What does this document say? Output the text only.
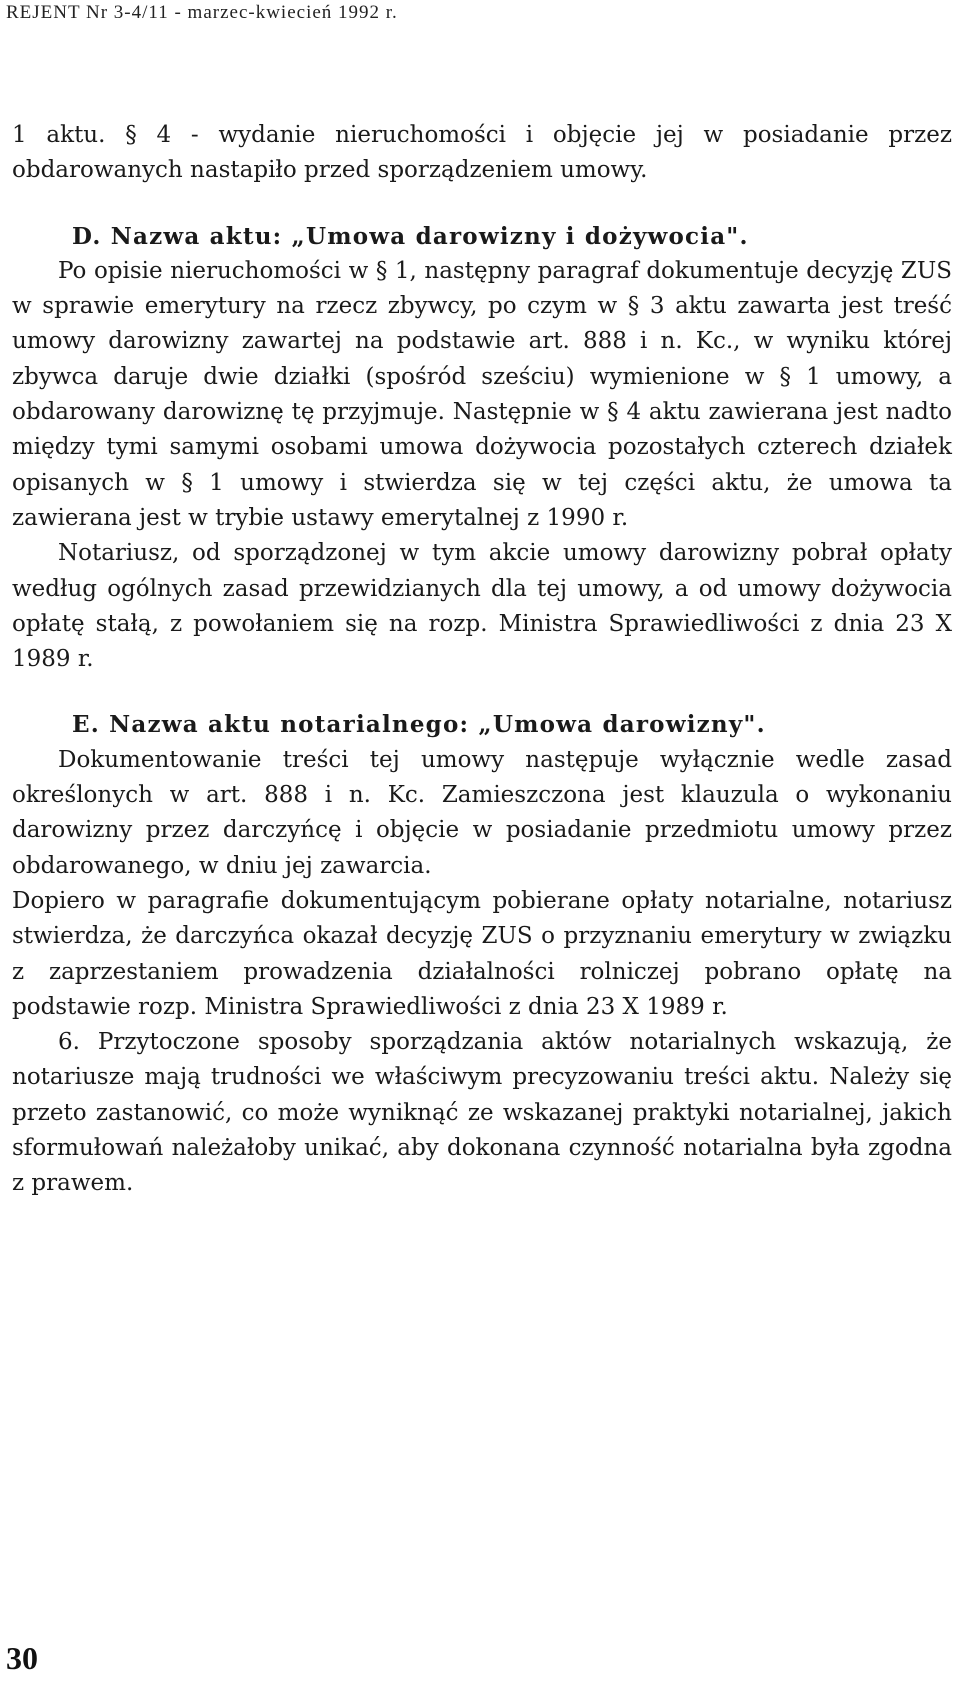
REJENT Nr 3-4/11 - marzec-kwiecień 1992 r.

1 aktu. § 4 - wydanie nieruchomości i objęcie jej w posiadanie przez obdarowanych nastapiło przed sporządzeniem umowy.

D. Nazwa aktu: „Umowa darowizny i dożywocia".

Po opisie nieruchomości w § 1, następny paragraf dokumentuje decyzję ZUS w sprawie emerytury na rzecz zbywcy, po czym w § 3 aktu zawarta jest treść umowy darowizny zawartej na podstawie art. 888 i n. Kc., w wyniku której zbywca daruje dwie działki (spośród sześciu) wymienione w § 1 umowy, a obdarowany darowiznę tę przyjmuje. Następnie w § 4 aktu zawierana jest nadto między tymi samymi osobami umowa dożywocia pozostałych czterech działek opisanych w § 1 umowy i stwierdza się w tej części aktu, że umowa ta zawierana jest w trybie ustawy emerytalnej z 1990 r.

Notariusz, od sporządzonej w tym akcie umowy darowizny pobrał opłaty według ogólnych zasad przewidzianych dla tej umowy, a od umowy dożywocia opłatę stałą, z powołaniem się na rozp. Ministra Sprawiedliwości z dnia 23 X 1989 r.

E. Nazwa aktu notarialnego: „Umowa darowizny".

Dokumentowanie treści tej umowy następuje wyłącznie wedle zasad określonych w art. 888 i n. Kc. Zamieszczona jest klauzula o wykonaniu darowizny przez darczyńcę i objęcie w posiadanie przedmiotu umowy przez obdarowanego, w dniu jej zawarcia.

Dopiero w paragrafie dokumentującym pobierane opłaty notarialne, notariusz stwierdza, że darczyńca okazał decyzję ZUS o przyznaniu emerytury w związku z zaprzestaniem prowadzenia działalności rolniczej pobrano opłatę na podstawie rozp. Ministra Sprawiedliwości z dnia 23 X 1989 r.

6. Przytoczone sposoby sporządzania aktów notarialnych wskazują, że notariusze mają trudności we właściwym precyzowaniu treści aktu. Należy się przeto zastanowić, co może wyniknąć ze wskazanej praktyki notarialnej, jakich sformułowań należałoby unikać, aby dokonana czynność notarialna była zgodna z prawem.

30
